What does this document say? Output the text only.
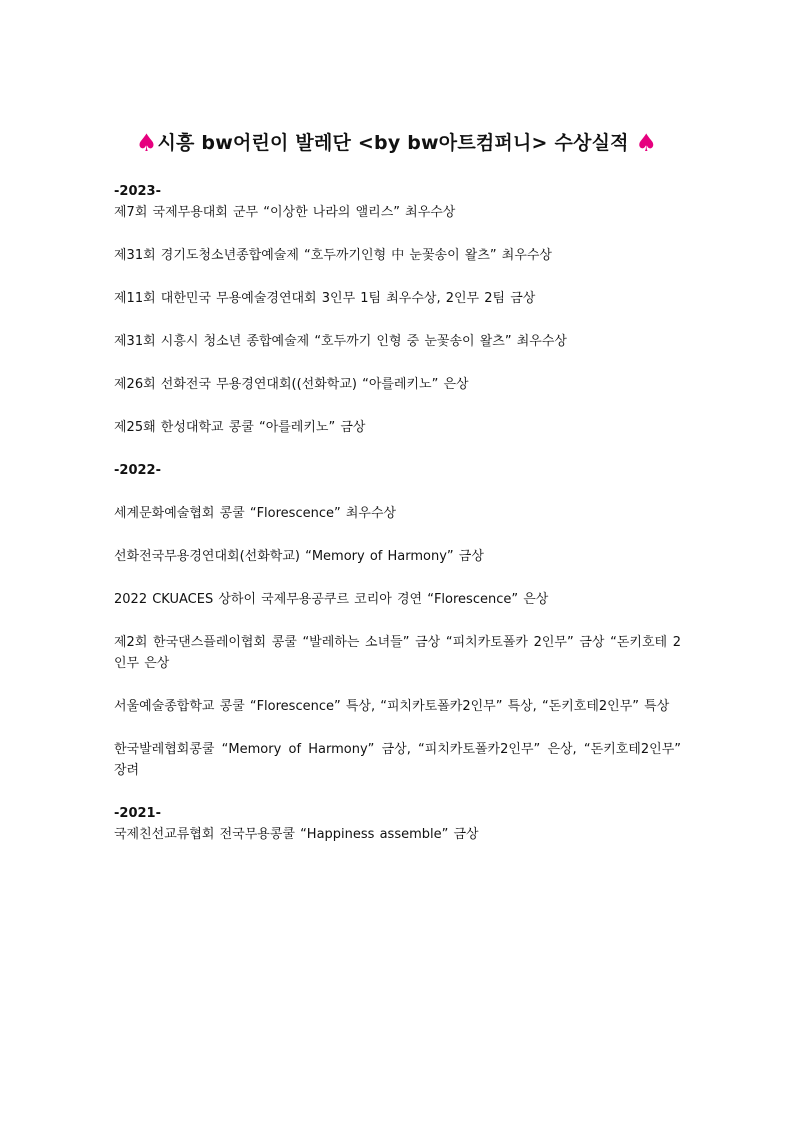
♠시흥 bw어린이 발레단 <by bw아트컴퍼니> 수상실적 ♠
-2023-
제7회 국제무용대회 군무 “이상한 나라의 앨리스” 최우수상
제31회 경기도청소년종합예술제 “호두까기인형 中 눈꽃송이 왈츠” 최우수상
제11회 대한민국 무용예술경연대회 3인무 1팀 최우수상, 2인무 2팀 금상
제31회 시흥시 청소년 종합예술제 “호두까기 인형 중 눈꽃송이 왈츠” 최우수상
제26회 선화전국 무용경연대회((선화학교) “아를레키노” 은상
제25홰 한성대학교 콩쿨 “아를레키노” 금상
-2022-
세계문화예술협회 콩쿨 “Florescence” 최우수상
선화전국무용경연대회(선화학교) “Memory of Harmony” 금상
2022 CKUACES 상하이 국제무용공쿠르 코리아 경연 “Florescence” 은상
제2회 한국댄스플레이협회 콩쿨 “발레하는 소녀들” 금상 “피치카토폴카 2인무” 금상 “돈키호테 2인무 은상
서울예술종합학교 콩쿨 “Florescence” 특상, “피치카토폴카2인무” 특상, “돈키호테2인무” 특상
한국발레협회콩쿨 “Memory of Harmony” 금상, “피치카토폴카2인무” 은상, “돈키호테2인무” 장려
-2021-
국제친선교류협회 전국무용콩쿨 “Happiness assemble” 금상
